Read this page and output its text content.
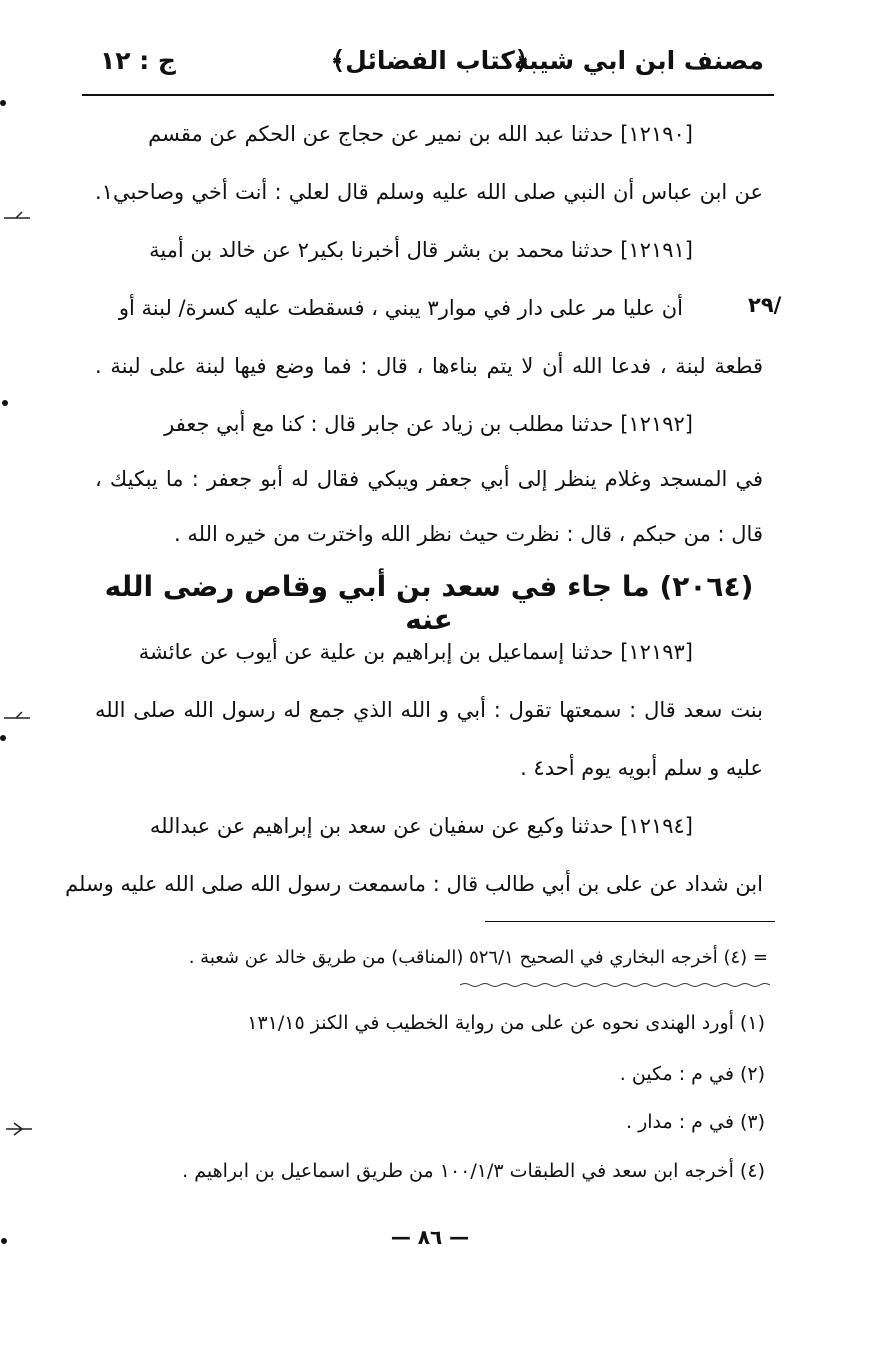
مصنف ابن ابي شيبة
﴿كتاب الفضائل﴾
ج : ١٢
[١٢١٩٠] حدثنا عبد الله بن نمير عن حجاج عن الحكم عن مقسم
عن ابن عباس أن النبي صلى الله عليه وسلم قال لعلي : أنت أخي وصاحبي١.
[١٢١٩١] حدثنا محمد بن بشر قال أخبرنا بكير٢ عن خالد بن أمية
أن عليا مر على دار في موار٣ يبني ، فسقطت عليه كسرة/ لبنة أو
قطعة لبنة ، فدعا الله أن لا يتم بناءها ، قال : فما وضع فيها لبنة على لبنة .
[١٢١٩٢] حدثنا مطلب بن زياد عن جابر قال : كنا مع أبي جعفر
في المسجد وغلام ينظر إلى أبي جعفر ويبكي فقال له أبو جعفر : ما يبكيك ،
قال : من حبكم ، قال : نظرت حيث نظر الله واخترت من خيره الله .
٢٩/
(٢٠٦٤) ما جاء في سعد بن أبي وقاص رضى الله عنه
[١٢١٩٣] حدثنا إسماعيل بن إبراهيم بن علية عن أيوب عن عائشة
بنت سعد قال : سمعتها تقول : أبي و الله الذي جمع له رسول الله صلى الله
عليه و سلم أبويه يوم أحد٤ .
[١٢١٩٤] حدثنا وكيع عن سفيان عن سعد بن إبراهيم عن عبدالله
ابن شداد عن على بن أبي طالب قال : ماسمعت رسول الله صلى الله عليه وسلم
= (٤) أخرجه البخاري في الصحيح ٥٢٦/١ (المناقب) من طريق خالد عن شعبة .
(١) أورد الهندى نحوه عن على من رواية الخطيب في الكنز ١٣١/١٥
(٢) في م : مكين .
(٣) في م : مدار .
(٤) أخرجه ابن سعد في الطبقات ١٠٠/١/٣ من طريق اسماعيل بن ابراهيم .
— ٨٦ —
